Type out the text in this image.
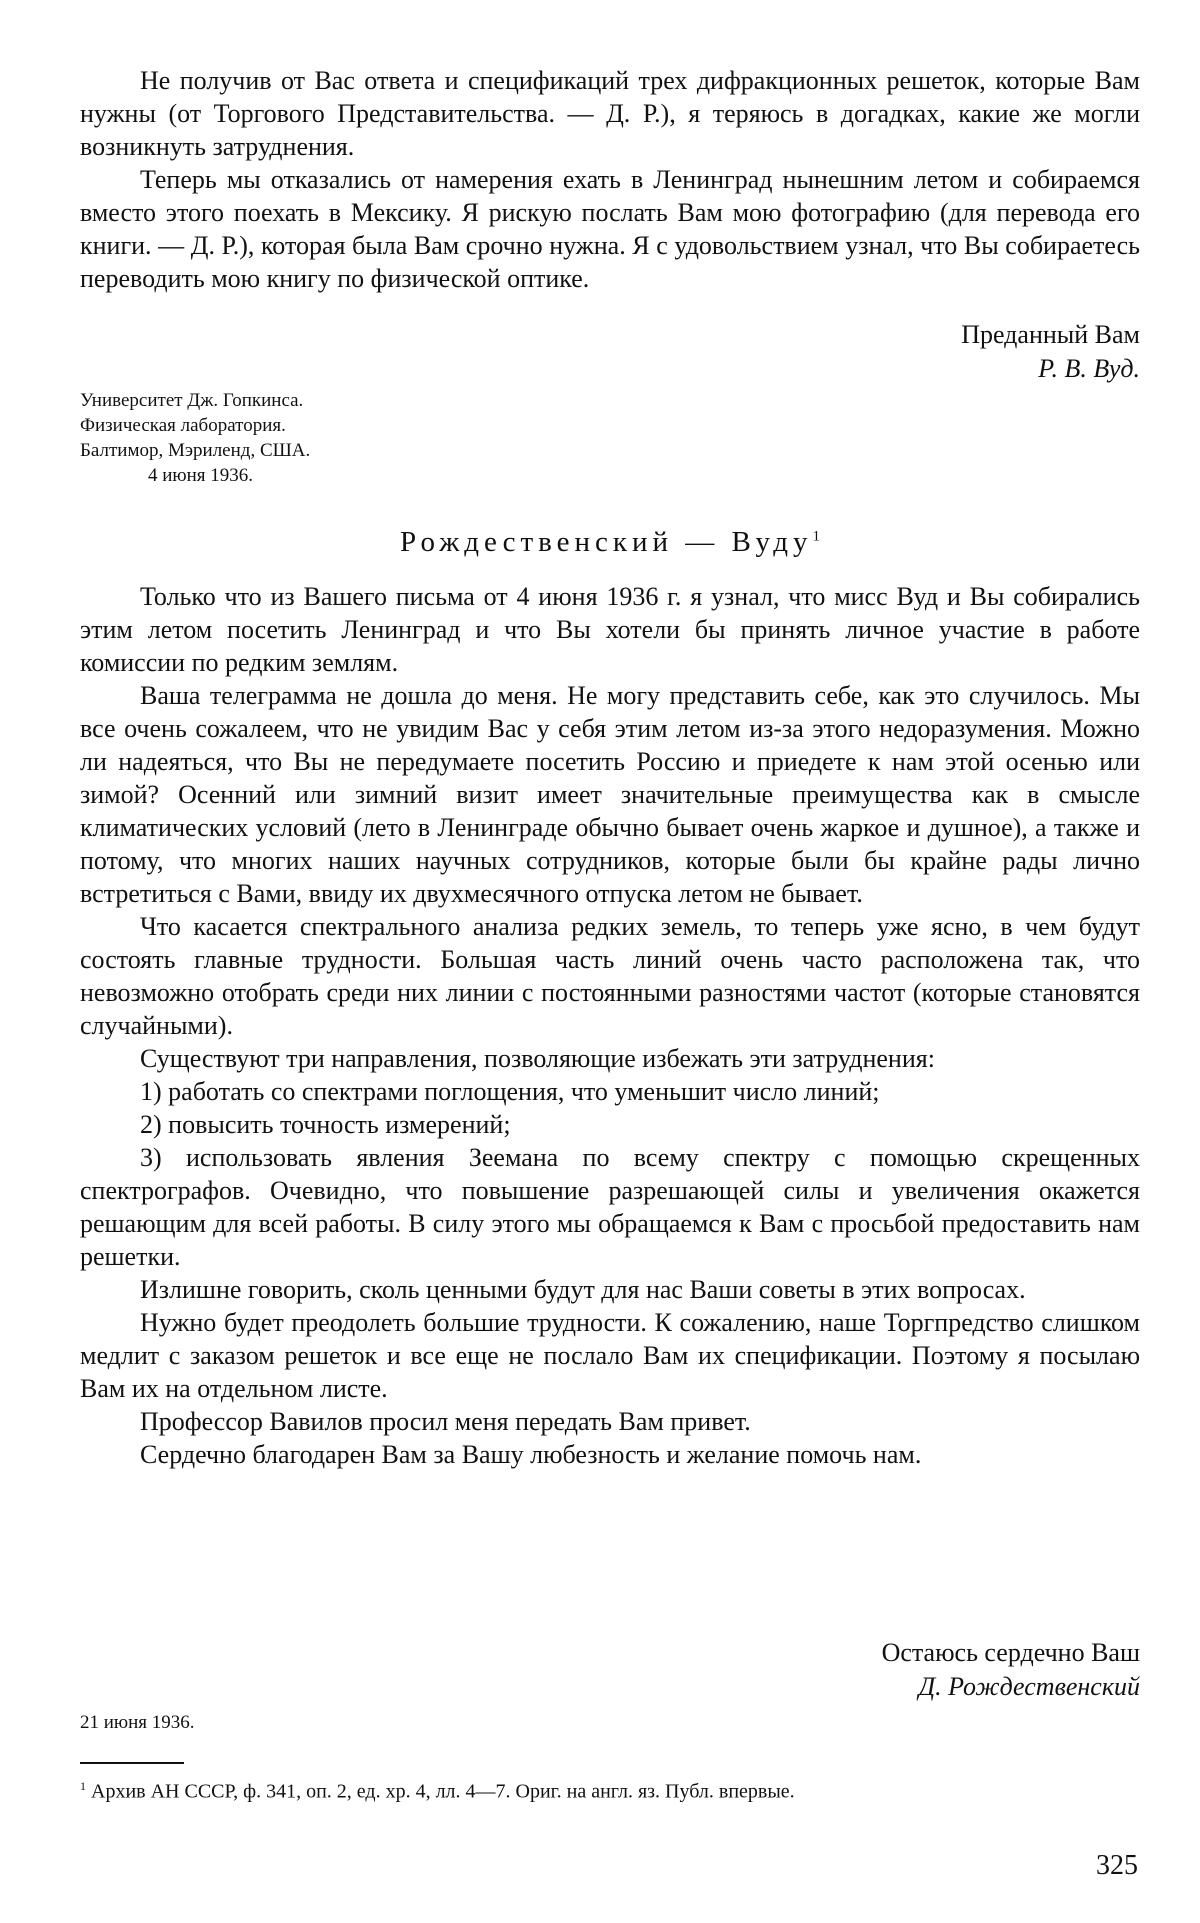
Не получив от Вас ответа и спецификаций трех дифракционных решеток, которые Вам нужны (от Торгового Представительства. — Д. Р.), я теряюсь в догадках, какие же могли возникнуть затруднения.

Теперь мы отказались от намерения ехать в Ленинград нынешним летом и собираемся вместо этого поехать в Мексику. Я рискую послать Вам мою фотографию (для перевода его книги. — Д. Р.), которая была Вам срочно нужна. Я с удовольствием узнал, что Вы собираетесь переводить мою книгу по физической оптике.

Преданный Вам
Р. В. Вуд.
Университет Дж. Гопкинса.
Физическая лаборатория.
Балтимор, Мэриленд, США.
4 июня 1936.
Рождественский — Вуду$^1$

Только что из Вашего письма от 4 июня 1936 г. я узнал, что мисс Вуд и Вы собирались этим летом посетить Ленинград и что Вы хотели бы принять личное участие в работе комиссии по редким землям.

Ваша телеграмма не дошла до меня. Не могу представить себе, как это случилось. Мы все очень сожалеем, что не увидим Вас у себя этим летом из-за этого недоразумения. Можно ли надеяться, что Вы не передумаете посетить Россию и приедете к нам этой осенью или зимой? Осенний или зимний визит имеет значительные преимущества как в смысле климатических условий (лето в Ленинграде обычно бывает очень жаркое и душное), а также и потому, что многих наших научных сотрудников, которые были бы крайне рады лично встретиться с Вами, ввиду их двухмесячного отпуска летом не бывает.

Что касается спектрального анализа редких земель, то теперь уже ясно, в чем будут состоять главные трудности. Большая часть линий очень часто расположена так, что невозможно отобрать среди них линии с постоянными разностями частот (которые становятся случайными).

Существуют три направления, позволяющие избежать эти затруднения:

1) работать со спектрами поглощения, что уменьшит число линий;

2) повысить точность измерений;

3) использовать явления Зеемана по всему спектру с помощью скрещенных спектрографов. Очевидно, что повышение разрешающей силы и увеличения окажется решающим для всей работы. В силу этого мы обращаемся к Вам с просьбой предоставить нам решетки.

Излишне говорить, сколь ценными будут для нас Ваши советы в этих вопросах.

Нужно будет преодолеть большие трудности. К сожалению, наше Торгпредство слишком медлит с заказом решеток и все еще не послало Вам их спецификации. Поэтому я посылаю Вам их на отдельном листе.

Профессор Вавилов просил меня передать Вам привет.

Сердечно благодарен Вам за Вашу любезность и желание помочь нам.

Остаюсь сердечно Ваш
Д. Рождественский
21 июня 1936.
$^1$ Архив АН СССР, ф. 341, оп. 2, ед. хр. 4, лл. 4—7. Ориг. на англ. яз. Публ. впервые.
325
